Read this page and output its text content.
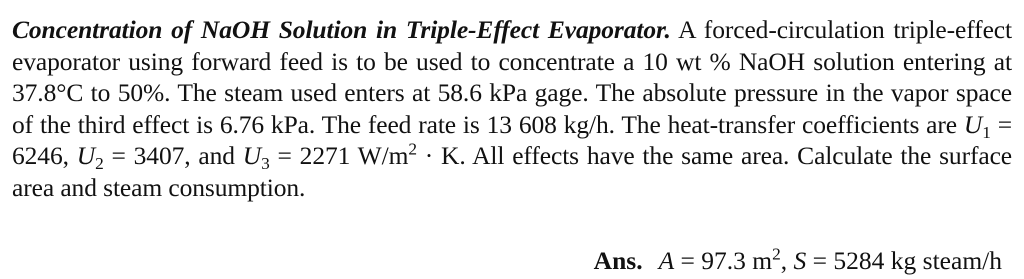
Concentration of NaOH Solution in Triple-Effect Evaporator. A forced-circulation triple-effect evaporator using forward feed is to be used to concentrate a 10 wt % NaOH solution entering at 37.8°C to 50%. The steam used enters at 58.6 kPa gage. The absolute pressure in the vapor space of the third effect is 6.76 kPa. The feed rate is 13 608 kg/h. The heat-transfer coefficients are $U_1 = 6246$, $U_2 = 3407$, and $U_3 = 2271$ $W/m^2 \cdot K$. All effects have the same area. Calculate the surface area and steam consumption.
Ans. A = 97.3 $m^2$, S = 5284 kg steam/h
